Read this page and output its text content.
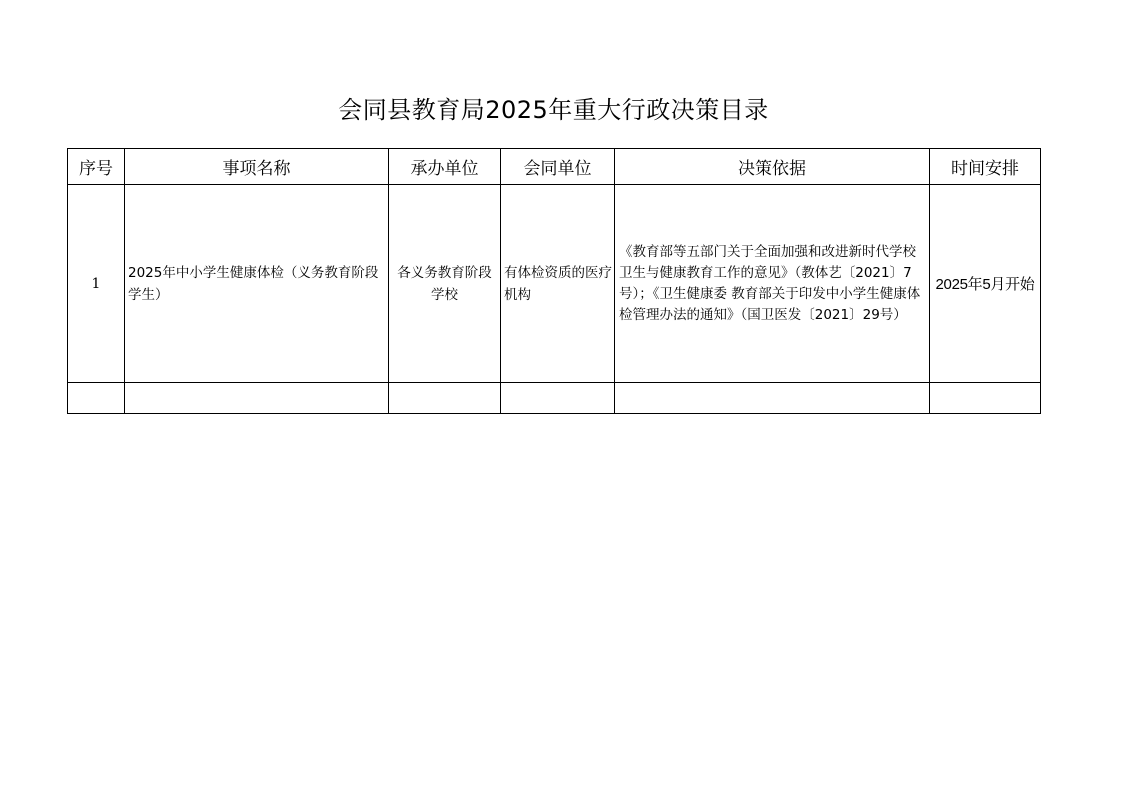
会同县教育局2025年重大行政决策目录
序号	事项名称	承办单位	会同单位	决策依据	时间安排
1	2025年中小学生健康体检（义务教育阶段学生）	各义务教育阶段学校	有体检资质的医疗机构	《教育部等五部门关于全面加强和改进新时代学校卫生与健康教育工作的意见》（教体艺〔2021〕7号）；《卫生健康委 教育部关于印发中小学生健康体检管理办法的通知》（国卫医发〔2021〕29号）	2025年5月开始
